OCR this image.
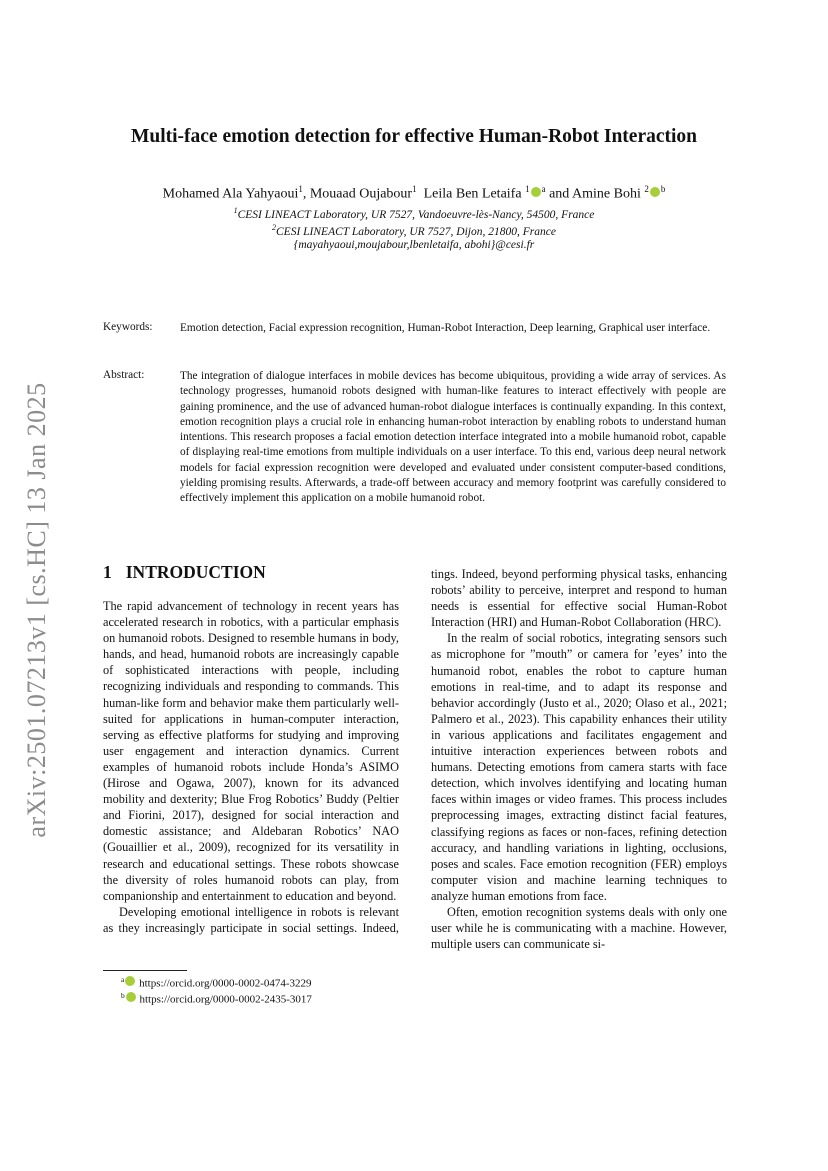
arXiv:2501.07213v1 [cs.HC] 13 Jan 2025
Multi-face emotion detection for effective Human-Robot Interaction

Mohamed Ala Yahyaoui$^1$, Mouaad Oujabour$^1$ Leila Ben Letaifa $^1$ $^a$ and Amine Bohi $^2$ $^b$

$^1$CESI LINEACT Laboratory, UR 7527, Vandoeuvre-lès-Nancy, 54500, France

$^2$CESI LINEACT Laboratory, UR 7527, Dijon, 21800, France

{mayahyaoui,moujabour,lbenletaifa, abohi}@cesi.fr

Keywords: Emotion detection, Facial expression recognition, Human-Robot Interaction, Deep learning, Graphical user interface.

Abstract:	The integration of dialogue interfaces in mobile devices has become ubiquitous, providing a wide array of services. As technology progresses, humanoid robots designed with human-like features to interact effectively with people are gaining prominence, and the use of advanced human-robot dialogue interfaces is continually expanding. In this context, emotion recognition plays a crucial role in enhancing human-robot interaction by enabling robots to understand human intentions. This research proposes a facial emotion detection interface integrated into a mobile humanoid robot, capable of displaying real-time emotions from multiple individuals on a user interface. To this end, various deep neural network models for facial expression recognition were developed and evaluated under consistent computer-based conditions, yielding promising results. Afterwards, a trade-off between accuracy and memory footprint was carefully considered to effectively implement this application on a mobile humanoid robot.

1 INTRODUCTION

The rapid advancement of technology in recent years has accelerated research in robotics, with a particular emphasis on humanoid robots. Designed to resemble humans in body, hands, and head, humanoid robots are increasingly capable of sophisticated interactions with people, including recognizing individuals and responding to commands. This human-like form and behavior make them particularly well-suited for applications in human-computer interaction, serving as effective platforms for studying and improving user engagement and interaction dynamics. Current examples of humanoid robots include Honda’s ASIMO (Hirose and Ogawa, 2007), known for its advanced mobility and dexterity; Blue Frog Robotics’ Buddy (Peltier and Fiorini, 2017), designed for social interaction and domestic assistance; and Aldebaran Robotics’ NAO (Gouaillier et al., 2009), recognized for its versatility in research and educational settings. These robots showcase the diversity of roles humanoid robots can play, from companionship and entertainment to education and beyond.

Developing emotional intelligence in robots is relevant as they increasingly participate in social settings. Indeed,

tings. Indeed, beyond performing physical tasks, enhancing robots’ ability to perceive, interpret and respond to human needs is essential for effective social Human-Robot Interaction (HRI) and Human-Robot Collaboration (HRC).

In the realm of social robotics, integrating sensors such as microphone for ”mouth” or camera for ’eyes’ into the humanoid robot, enables the robot to capture human emotions in real-time, and to adapt its response and behavior accordingly (Justo et al., 2020; Olaso et al., 2021; Palmero et al., 2023). This capability enhances their utility in various applications and facilitates engagement and intuitive interaction experiences between robots and humans. Detecting emotions from camera starts with face detection, which involves identifying and locating human faces within images or video frames. This process includes preprocessing images, extracting distinct facial features, classifying regions as faces or non-faces, refining detection accuracy, and handling variations in lighting, occlusions, poses and scales. Face emotion recognition (FER) employs computer vision and machine learning techniques to analyze human emotions from face.

Often, emotion recognition systems deals with only one user while he is communicating with a machine. However, multiple users can communicate si-

$^a$ https://orcid.org/0000-0002-0474-3229
$^b$ https://orcid.org/0000-0002-2435-3017
